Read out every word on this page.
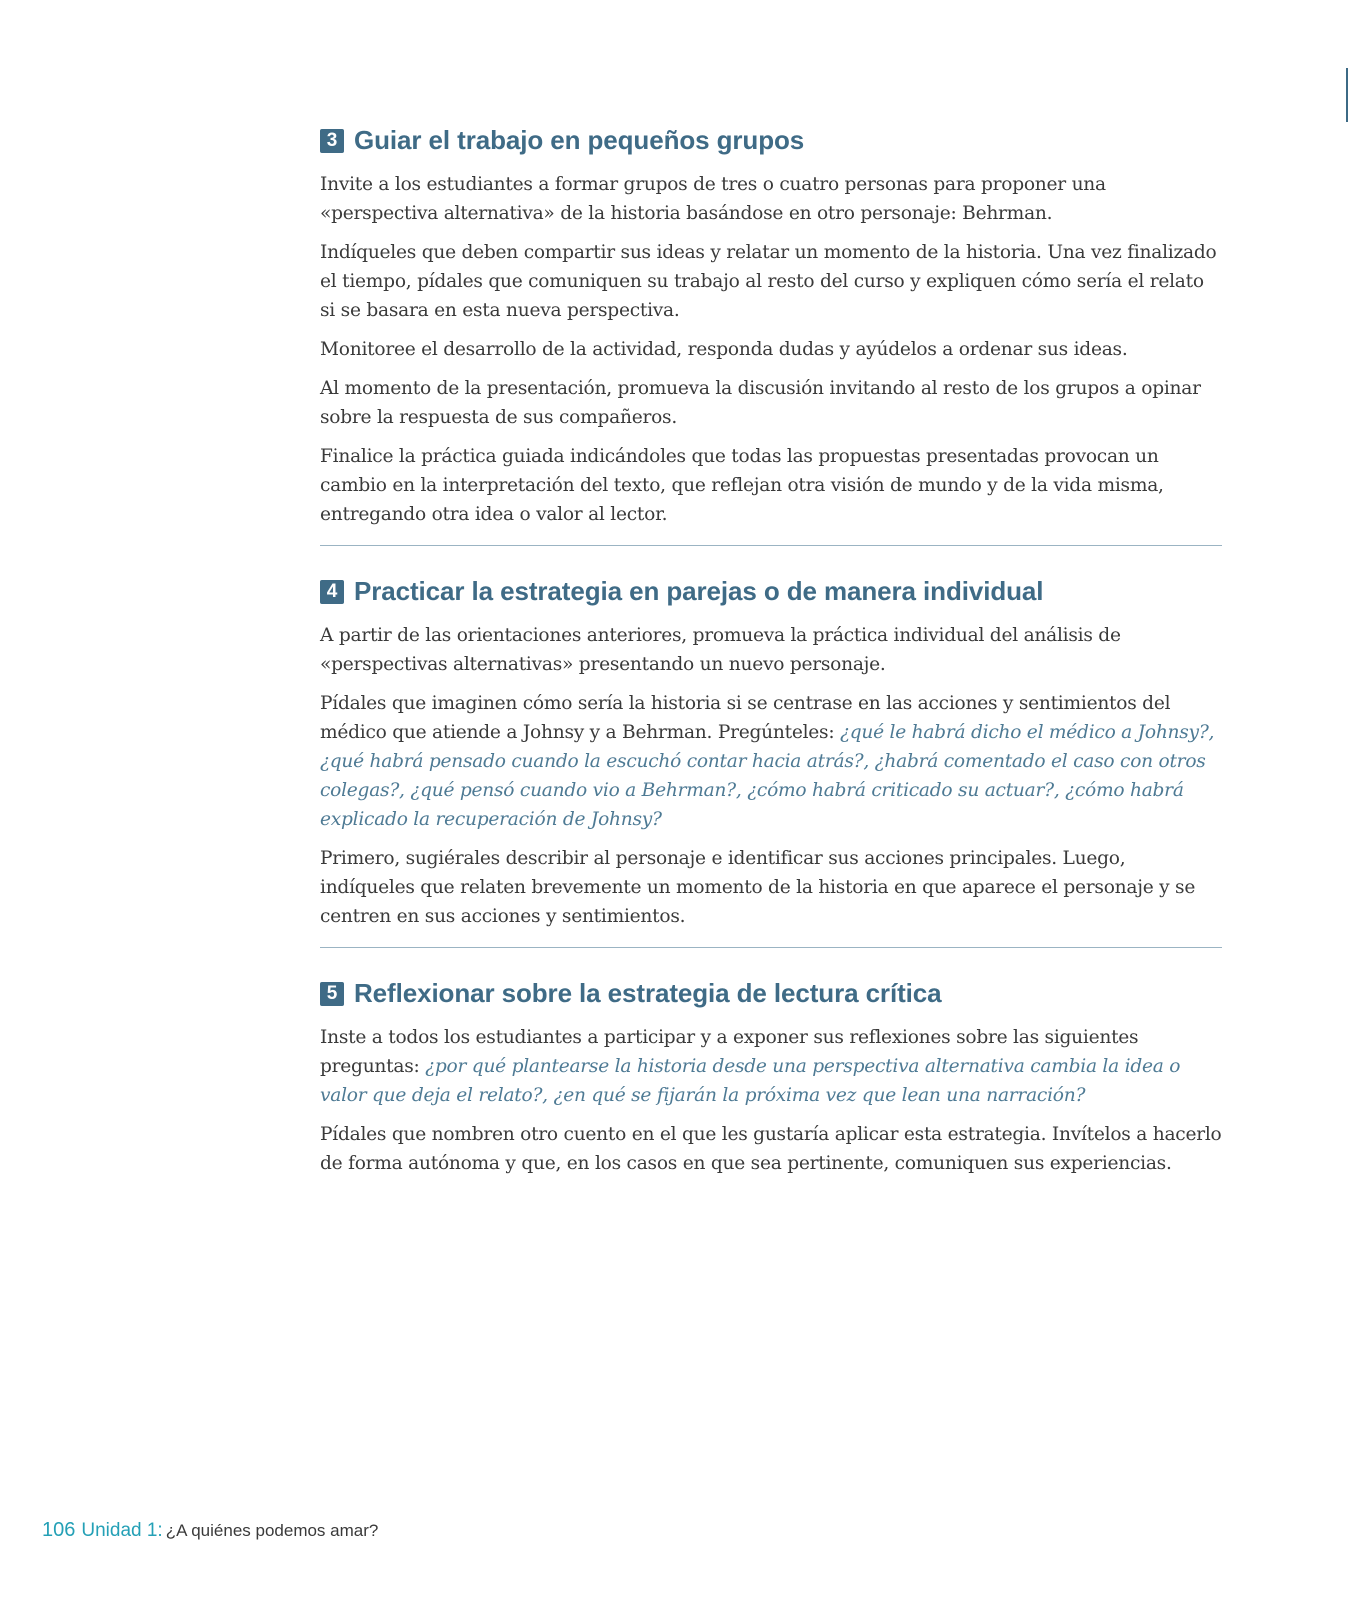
3 Guiar el trabajo en pequeños grupos

Invite a los estudiantes a formar grupos de tres o cuatro personas para proponer una «perspectiva alternativa» de la historia basándose en otro personaje: Behrman.

Indíqueles que deben compartir sus ideas y relatar un momento de la historia. Una vez finalizado el tiempo, pídales que comuniquen su trabajo al resto del curso y expliquen cómo sería el relato si se basara en esta nueva perspectiva.

Monitoree el desarrollo de la actividad, responda dudas y ayúdelos a ordenar sus ideas.

Al momento de la presentación, promueva la discusión invitando al resto de los grupos a opinar sobre la respuesta de sus compañeros.

Finalice la práctica guiada indicándoles que todas las propuestas presentadas provocan un cambio en la interpretación del texto, que reflejan otra visión de mundo y de la vida misma, entregando otra idea o valor al lector.

4 Practicar la estrategia en parejas o de manera individual

A partir de las orientaciones anteriores, promueva la práctica individual del análisis de «perspectivas alternativas» presentando un nuevo personaje.

Pídales que imaginen cómo sería la historia si se centrase en las acciones y sentimientos del médico que atiende a Johnsy y a Behrman. Pregúnteles: ¿qué le habrá dicho el médico a Johnsy?, ¿qué habrá pensado cuando la escuchó contar hacia atrás?, ¿habrá comentado el caso con otros colegas?, ¿qué pensó cuando vio a Behrman?, ¿cómo habrá criticado su actuar?, ¿cómo habrá explicado la recuperación de Johnsy?

Primero, sugiérales describir al personaje e identificar sus acciones principales. Luego, indíqueles que relaten brevemente un momento de la historia en que aparece el personaje y se centren en sus acciones y sentimientos.

5 Reflexionar sobre la estrategia de lectura crítica

Inste a todos los estudiantes a participar y a exponer sus reflexiones sobre las siguientes preguntas: ¿por qué plantearse la historia desde una perspectiva alternativa cambia la idea o valor que deja el relato?, ¿en qué se fijarán la próxima vez que lean una narración?

Pídales que nombren otro cuento en el que les gustaría aplicar esta estrategia. Invítelos a hacerlo de forma autónoma y que, en los casos en que sea pertinente, comuniquen sus experiencias.

106 Unidad 1: ¿A quiénes podemos amar?
